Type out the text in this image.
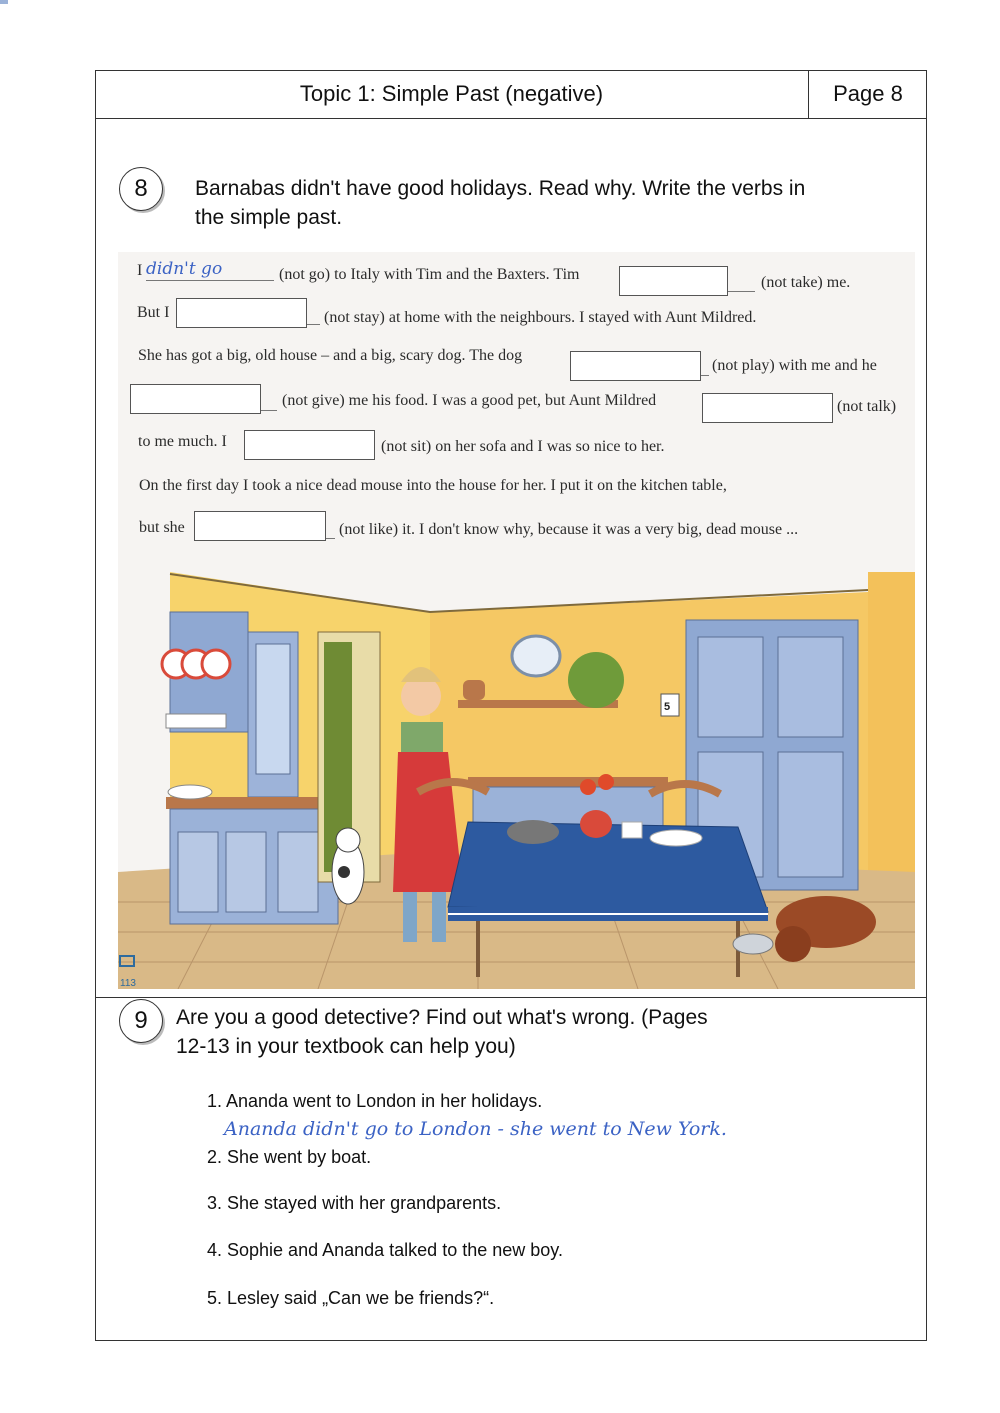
Topic 1: Simple Past (negative)	Page 8
8	Barnabas didn't have good holidays. Read why. Write the verbs in
the simple past.
I didn't go	(not go) to Italy with Tim and the Baxters. Tim	(not take) me.
But I	(not stay) at home with the neighbours. I stayed with Aunt Mildred.
She has got a big, old house – and a big, scary dog. The dog
(not play) with me and he
(not give) me his food. I was a good pet, but Aunt Mildred	(not talk)
to me much. I	(not sit) on her sofa and I was so nice to her.
On the first day I took a nice dead mouse into the house for her. I put it on the kitchen table,
but she	(not like) it. I don't know why, because it was a very big, dead mouse ...
113
5
9	Are you a good detective? Find out what's wrong. (Pages
12-13 in your textbook can help you)
1. Ananda went to London in her holidays.
Ananda didn't go to London - she went to New York.
2. She went by boat.
3. She stayed with her grandparents.
4. Sophie and Ananda talked to the new boy.
5. Lesley said „Can we be friends?“.
